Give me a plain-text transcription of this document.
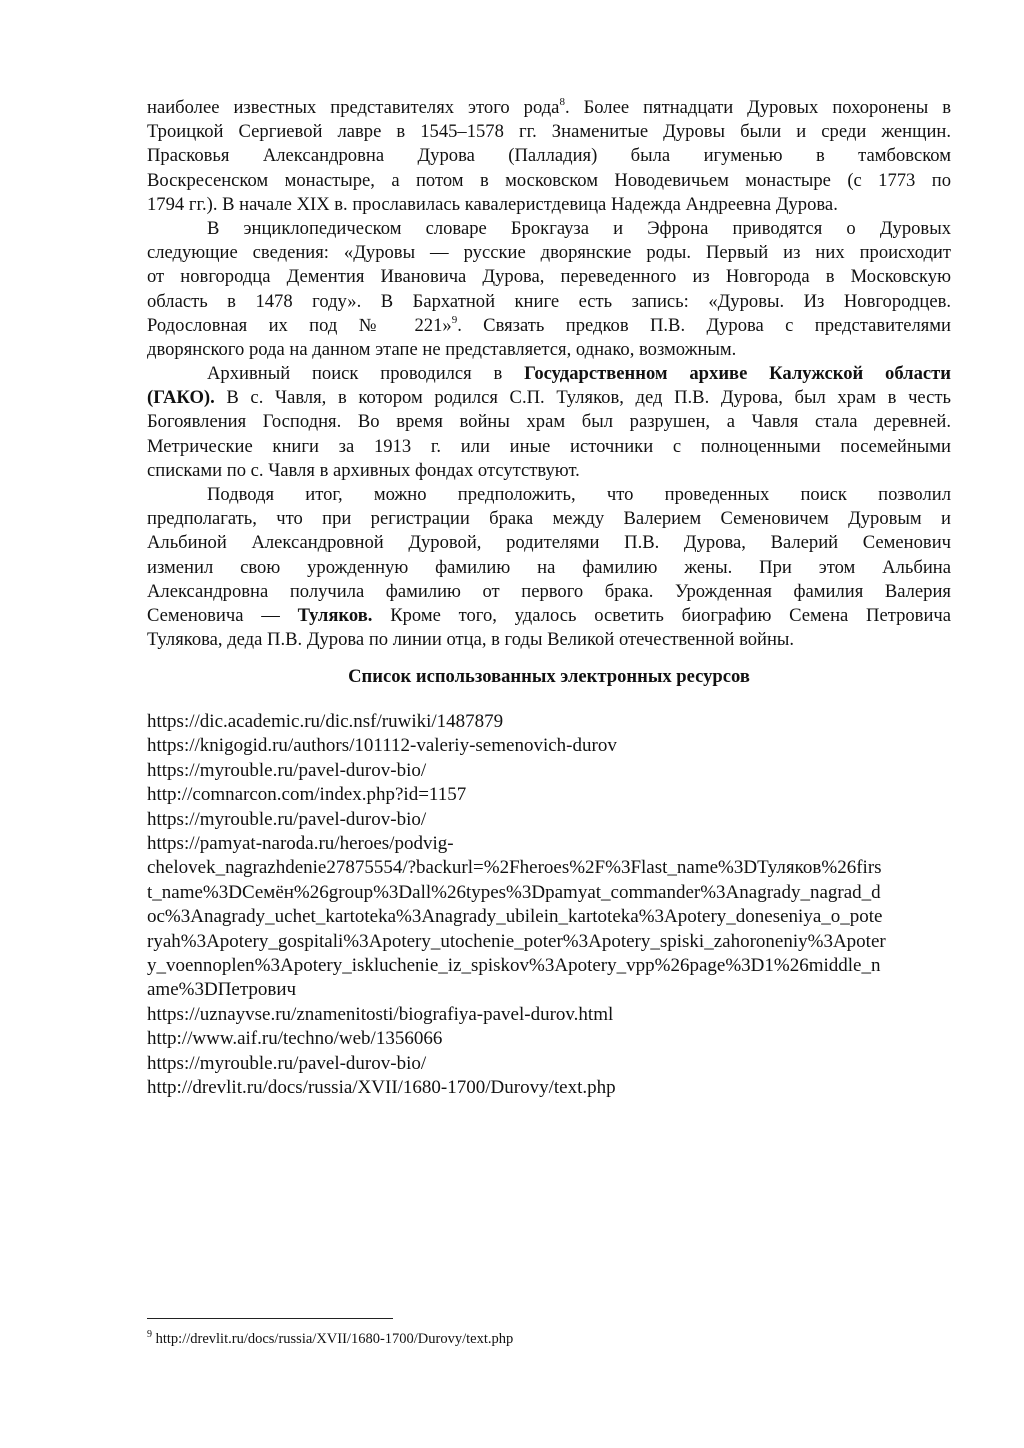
наиболее известных представителях этого рода$^8$. Более пятнадцати Дуровых похоронены в
Троицкой Сергиевой лавре в 1545–1578 гг. Знаменитые Дуровы были и среди женщин.
Прасковья Александровна Дурова (Палладия) была игуменью в тамбовском
Воскресенском монастыре, а потом в московском Новодевичьем монастыре (с 1773 по
1794 гг.). В начале XIX в. прославилась кавалеристдевица Надежда Андреевна Дурова.
В энциклопедическом словаре Брокгауза и Эфрона приводятся о Дуровых
следующие сведения: «Дуровы — русские дворянские роды. Первый из них происходит
от новгородца Дементия Ивановича Дурова, переведенного из Новгорода в Московскую
область в 1478 году». В Бархатной книге есть запись: «Дуровы. Из Новгородцев.
Родословная их под № 221»$^9$. Связать предков П.В. Дурова с представителями
дворянского рода на данном этапе не представляется, однако, возможным.
Архивный поиск проводился в Государственном архиве Калужской области
(ГАКО). В с. Чавля, в котором родился С.П. Туляков, дед П.В. Дурова, был храм в честь
Богоявления Господня. Во время войны храм был разрушен, а Чавля стала деревней.
Метрические книги за 1913 г. или иные источники с полноценными посемейными
списками по с. Чавля в архивных фондах отсутствуют.
Подводя итог, можно предположить, что проведенных поиск позволил
предполагать, что при регистрации брака между Валерием Семеновичем Дуровым и
Альбиной Александровной Дуровой, родителями П.В. Дурова, Валерий Семенович
изменил свою урожденную фамилию на фамилию жены. При этом Альбина
Александровна получила фамилию от первого брака. Урожденная фамилия Валерия
Семеновича — Туляков. Кроме того, удалось осветить биографию Семена Петровича
Тулякова, деда П.В. Дурова по линии отца, в годы Великой отечественной войны.
Список использованных электронных ресурсов
https://dic.academic.ru/dic.nsf/ruwiki/1487879
https://knigogid.ru/authors/101112-valeriy-semenovich-durov
https://myrouble.ru/pavel-durov-bio/
http://comnarcon.com/index.php?id=1157
https://myrouble.ru/pavel-durov-bio/
https://pamyat-naroda.ru/heroes/podvig-
chelovek_nagrazhdenie27875554/?backurl=%2Fheroes%2F%3Flast_name%3DТуляков%26firs
t_name%3DСемён%26group%3Dall%26types%3Dpamyat_commander%3Anagrady_nagrad_d
oc%3Anagrady_uchet_kartoteka%3Anagrady_ubilein_kartoteka%3Apotery_doneseniya_o_pote
ryah%3Apotery_gospitali%3Apotery_utochenie_poter%3Apotery_spiski_zahoroneniy%3Apoter
y_voennoplen%3Apotery_iskluchenie_iz_spiskov%3Apotery_vpp%26page%3D1%26middle_n
ame%3DПетрович
https://uznayvse.ru/znamenitosti/biografiya-pavel-durov.html
http://www.aif.ru/techno/web/1356066
https://myrouble.ru/pavel-durov-bio/
http://drevlit.ru/docs/russia/XVII/1680-1700/Durovy/text.php
$^9$ http://drevlit.ru/docs/russia/XVII/1680-1700/Durovy/text.php
